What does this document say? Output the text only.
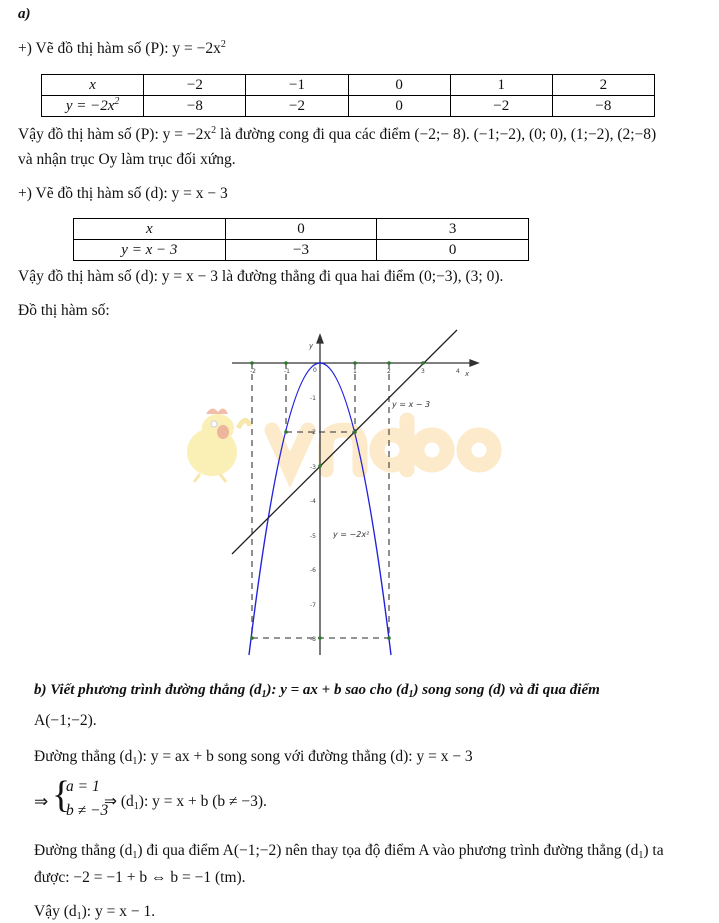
a)
+) Vẽ đồ thị hàm số (P): $y = -2x^2$
x	−2	−1	0	1	2
$y = -2x^2$	−8	−2	0	−2	−8
Vậy đồ thị hàm số (P): $y = -2x^2$ là đường cong đi qua các điểm (−2;− 8). (−1;−2), (0; 0), (1;−2), (2;−8)
và nhận trục Oy làm trục đối xứng.
+) Vẽ đồ thị hàm số (d): y = x − 3
x	0	3
y = x − 3	−3	0
Vậy đồ thị hàm số (d): y = x − 3 là đường thẳng đi qua hai điểm (0;−3), (3; 0).
Đồ thị hàm số:
-2	-1	0	1	2	3	4
-1
-2
-3
-4
-5
-6
-7
-8
x
y
y = x − 3
y = −2x²
b) Viết phương trình đường thẳng $(d_1)$: y = ax + b sao cho $(d_1)$ song song (d) và đi qua điểm
A(−1;−2).
Đường thẳng $(d_1)$: y = ax + b song song với đường thẳng (d): y = x − 3
⇒ {
a = 1
b ≠ −3
⇒ $(d_1)$: y = x + b (b ≠ −3).
Đường thẳng $(d_1)$ đi qua điểm A(−1;−2) nên thay tọa độ điểm A vào phương trình đường thẳng $(d_1)$ ta
được: −2 = −1 + b ⇔ b = −1 (tm).
Vậy $(d_1)$: y = x − 1.
